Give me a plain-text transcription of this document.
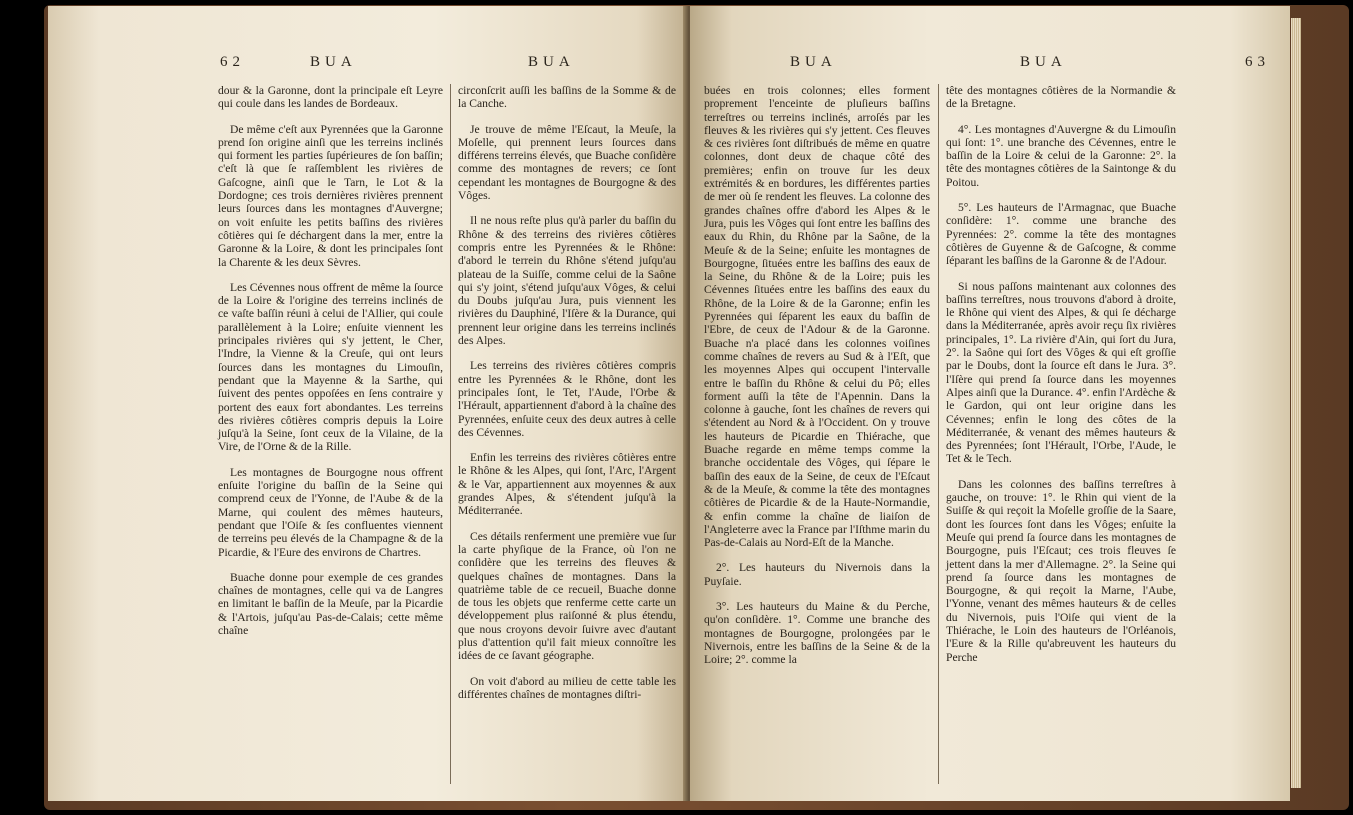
62	BUA	BUA

dour & la Garonne, dont la principale eſt Leyre qui coule dans les landes de Bordeaux.

De même c'eſt aux Pyrennées que la Garonne prend ſon origine ainſi que les terreins inclinés qui forment les parties ſupérieures de ſon baſſin; c'eſt là que ſe raſſemblent les rivières de Gaſcogne, ainſi que le Tarn, le Lot & la Dordogne; ces trois dernières rivières prennent leurs ſources dans les montagnes d'Auvergne; on voit enſuite les petits baſſins des rivières côtières qui ſe déchargent dans la mer, entre la Garonne & la Loire, & dont les principales ſont la Charente & les deux Sèvres.

Les Cévennes nous offrent de même la ſource de la Loire & l'origine des terreins inclinés de ce vaſte baſſin réuni à celui de l'Allier, qui coule parallèlement à la Loire; enſuite viennent les principales rivières qui s'y jettent, le Cher, l'Indre, la Vienne & la Creuſe, qui ont leurs ſources dans les montagnes du Limouſin, pendant que la Mayenne & la Sarthe, qui ſuivent des pentes oppoſées en ſens contraire y portent des eaux fort abondantes. Les terreins des rivières côtières compris depuis la Loire juſqu'à la Seine, ſont ceux de la Vilaine, de la Vire, de l'Orne & de la Rille.

Les montagnes de Bourgogne nous offrent enſuite l'origine du baſſin de la Seine qui comprend ceux de l'Yonne, de l'Aube & de la Marne, qui coulent des mêmes hauteurs, pendant que l'Oiſe & ſes confluentes viennent de terreins peu élevés de la Champagne & de la Picardie, & l'Eure des environs de Chartres.

Buache donne pour exemple de ces grandes chaînes de montagnes, celle qui va de Langres en limitant le baſſin de la Meuſe, par la Picardie & l'Artois, juſqu'au Pas-de-Calais; cette même chaîne

circonſcrit auſſi les baſſins de la Somme & de la Canche.

Je trouve de même l'Eſcaut, la Meuſe, la Moſelle, qui prennent leurs ſources dans différens terreins élevés, que Buache conſidère comme des montagnes de revers; ce ſont cependant les montagnes de Bourgogne & des Vôges.

Il ne nous reſte plus qu'à parler du baſſin du Rhône & des terreins des rivières côtières compris entre les Pyrennées & le Rhône: d'abord le terrein du Rhône s'étend juſqu'au plateau de la Suiſſe, comme celui de la Saône qui s'y joint, s'étend juſqu'aux Vôges, & celui du Doubs juſqu'au Jura, puis viennent les rivières du Dauphiné, l'Iſère & la Durance, qui prennent leur origine dans les terreins inclinés des Alpes.

Les terreins des rivières côtières compris entre les Pyrennées & le Rhône, dont les principales ſont, le Tet, l'Aude, l'Orbe & l'Hérault, appartiennent d'abord à la chaîne des Pyrennées, enſuite ceux des deux autres à celle des Cévennes.

Enfin les terreins des rivières côtières entre le Rhône & les Alpes, qui ſont, l'Arc, l'Argent & le Var, appartiennent aux moyennes & aux grandes Alpes, & s'étendent juſqu'à la Méditerranée.

Ces détails renferment une première vue ſur la carte phyſique de la France, où l'on ne conſidère que les terreins des fleuves & quelques chaînes de montagnes. Dans la quatrième table de ce recueil, Buache donne de tous les objets que renferme cette carte un développement plus raiſonné & plus étendu, que nous croyons devoir ſuivre avec d'autant plus d'attention qu'il fait mieux connoître les idées de ce ſavant géographe.

On voit d'abord au milieu de cette table les différentes chaînes de montagnes diſtri-

BUA	BUA	63

buées en trois colonnes; elles forment proprement l'enceinte de pluſieurs baſſins terreſtres ou terreins inclinés, arroſés par les fleuves & les rivières qui s'y jettent. Ces fleuves & ces rivières ſont diſtribués de même en quatre colonnes, dont deux de chaque côté des premières; enfin on trouve ſur les deux extrémités & en bordures, les différentes parties de mer où ſe rendent les fleuves. La colonne des grandes chaînes offre d'abord les Alpes & le Jura, puis les Vôges qui ſont entre les baſſins des eaux du Rhin, du Rhône par la Saône, de la Meuſe & de la Seine; enſuite les montagnes de Bourgogne, ſituées entre les baſſins des eaux de la Seine, du Rhône & de la Loire; puis les Cévennes ſituées entre les baſſins des eaux du Rhône, de la Loire & de la Garonne; enfin les Pyrennées qui ſéparent les eaux du baſſin de l'Ebre, de ceux de l'Adour & de la Garonne. Buache n'a placé dans les colonnes voiſines comme chaînes de revers au Sud & à l'Eſt, que les moyennes Alpes qui occupent l'intervalle entre le baſſin du Rhône & celui du Pô; elles forment auſſi la tête de l'Apennin. Dans la colonne à gauche, ſont les chaînes de revers qui s'étendent au Nord & à l'Occident. On y trouve les hauteurs de Picardie en Thiérache, que Buache regarde en même temps comme la branche occidentale des Vôges, qui ſépare le baſſin des eaux de la Seine, de ceux de l'Eſcaut & de la Meuſe, & comme la tête des montagnes côtières de Picardie & de la Haute-Normandie, & enfin comme la chaîne de liaiſon de l'Angleterre avec la France par l'Iſthme marin du Pas-de-Calais au Nord-Eſt de la Manche.

2°. Les hauteurs du Nivernois dans la Puyſaie.

3°. Les hauteurs du Maine & du Perche, qu'on conſidère. 1°. Comme une branche des montagnes de Bourgogne, prolongées par le Nivernois, entre les baſſins de la Seine & de la Loire; 2°. comme la

tête des montagnes côtières de la Normandie & de la Bretagne.

4°. Les montagnes d'Auvergne & du Limouſin qui ſont: 1°. une branche des Cévennes, entre le baſſin de la Loire & celui de la Garonne: 2°. la tête des montagnes côtières de la Saintonge & du Poitou.

5°. Les hauteurs de l'Armagnac, que Buache conſidère: 1°. comme une branche des Pyrennées: 2°. comme la tête des montagnes côtières de Guyenne & de Gaſcogne, & comme ſéparant les baſſins de la Garonne & de l'Adour.

Si nous paſſons maintenant aux colonnes des baſſins terreſtres, nous trouvons d'abord à droite, le Rhône qui vient des Alpes, & qui ſe décharge dans la Méditerranée, après avoir reçu ſix rivières principales, 1°. La rivière d'Ain, qui ſort du Jura, 2°. la Saône qui ſort des Vôges & qui eſt groſſie par le Doubs, dont la ſource eſt dans le Jura. 3°. l'Iſère qui prend ſa ſource dans les moyennes Alpes ainſi que la Durance. 4°. enfin l'Ardèche & le Gardon, qui ont leur origine dans les Cévennes; enfin le long des côtes de la Méditerranée, & venant des mêmes hauteurs & des Pyrennées; ſont l'Hérault, l'Orbe, l'Aude, le Tet & le Tech.

Dans les colonnes des baſſins terreſtres à gauche, on trouve: 1°. le Rhin qui vient de la Suiſſe & qui reçoit la Moſelle groſſie de la Saare, dont les ſources ſont dans les Vôges; enſuite la Meuſe qui prend ſa ſource dans les montagnes de Bourgogne, puis l'Eſcaut; ces trois fleuves ſe jettent dans la mer d'Allemagne. 2°. la Seine qui prend ſa ſource dans les montagnes de Bourgogne, & qui reçoit la Marne, l'Aube, l'Yonne, venant des mêmes hauteurs & de celles du Nivernois, puis l'Oiſe qui vient de la Thiérache, le Loin des hauteurs de l'Orléanois, l'Eure & la Rille qu'abreuvent les hauteurs du Perche
